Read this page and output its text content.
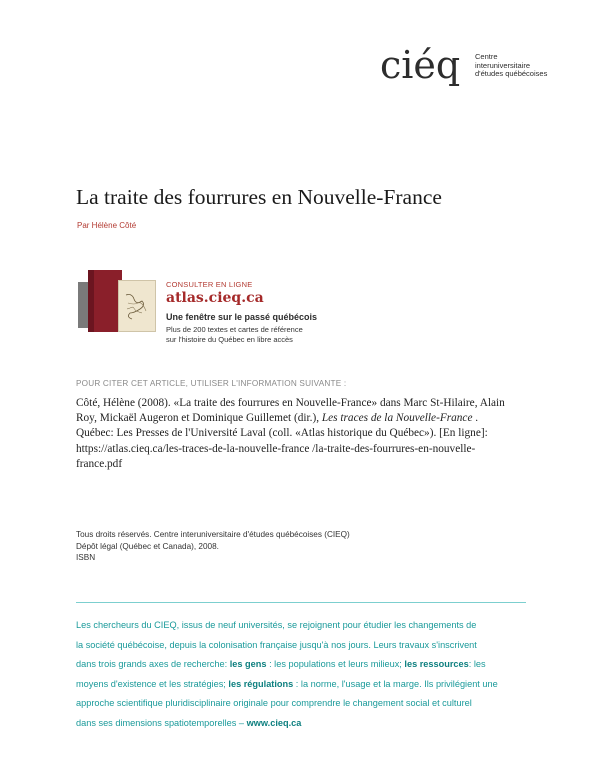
ciéq Centre
interuniversitaire
d'études québécoises
La traite des fourrures en Nouvelle-France
Par Hélène Côté
CONSULTER EN LIGNE
atlas.cieq.ca
Une fenêtre sur le passé québécois
Plus de 200 textes et cartes de référence
sur l'histoire du Québec en libre accès
POUR CITER CET ARTICLE, UTILISER L'INFORMATION SUIVANTE :

Côté, Hélène (2008). «La traite des fourrures en Nouvelle-France» dans Marc St-Hilaire, Alain

Roy, Mickaël Augeron et Dominique Guillemet (dir.), Les traces de la Nouvelle-France .

Québec: Les Presses de l'Université Laval (coll. «Atlas historique du Québec»). [En ligne]:

https://atlas.cieq.ca/les-traces-de-la-nouvelle-france /la-traite-des-fourrures-en-nouvelle-

france.pdf

Tous droits réservés. Centre interuniversitaire d'études québécoises (CIEQ)
Dépôt légal (Québec et Canada), 2008.
ISBN
Les chercheurs du CIEQ, issus de neuf universités, se rejoignent pour étudier les changements de
la société québécoise, depuis la colonisation française jusqu'à nos jours. Leurs travaux s'inscrivent
dans trois grands axes de recherche: les gens : les populations et leurs milieux; les ressources: les
moyens d'existence et les stratégies; les régulations : la norme, l'usage et la marge. Ils privilégient une
approche scientifique pluridisciplinaire originale pour comprendre le changement social et culturel
dans ses dimensions spatiotemporelles – www.cieq.ca
